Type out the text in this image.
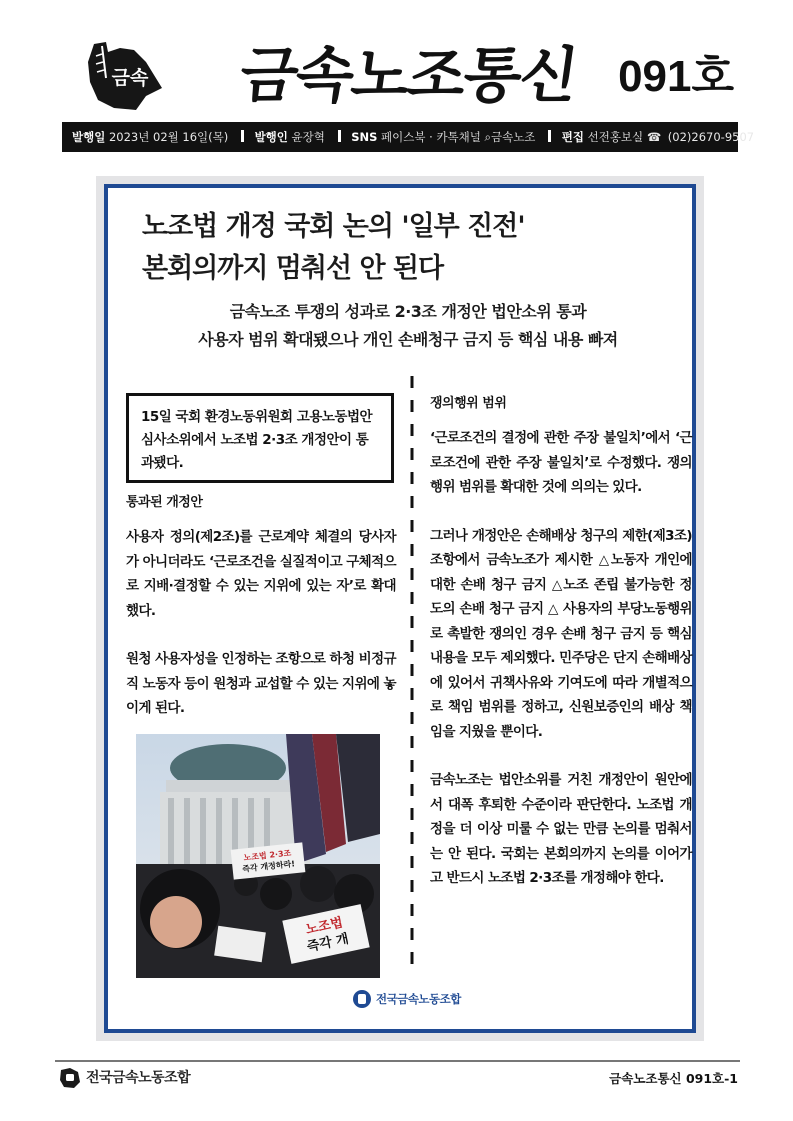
금속 금속노조통신 091호
발행일 2023년 02월 16일(목) 발행인 윤장혁 SNS 페이스북 · 카톡채널 ⌕금속노조 편집 선전홍보실 ☎ (02)2670-9507
노조법 개정 국회 논의 '일부 진전'
본회의까지 멈춰선 안 된다
금속노조 투쟁의 성과로 2·3조 개정안 법안소위 통과
사용자 범위 확대됐으나 개인 손배청구 금지 등 핵심 내용 빠져
15일 국회 환경노동위원회 고용노동법안심사소위에서 노조법 2·3조 개정안이 통과됐다.
통과된 개정안

사용자 정의(제2조)를 근로계약 체결의 당사자가 아니더라도 ‘근로조건을 실질적이고 구체적으로 지배·결정할 수 있는 지위에 있는 자’로 확대했다.

원청 사용자성을 인정하는 조항으로 하청 비정규직 노동자 등이 원청과 교섭할 수 있는 지위에 놓이게 된다.

노조법 2·3조
즉각 개정하라!
노조법
즉각 개
쟁의행위 범위

‘근로조건의 결정에 관한 주장 불일치’에서 ‘근로조건에 관한 주장 불일치’로 수정했다. 쟁의행위 범위를 확대한 것에 의의는 있다.

그러나 개정안은 손해배상 청구의 제한(제3조) 조항에서 금속노조가 제시한 △노동자 개인에 대한 손배 청구 금지 △노조 존립 불가능한 정도의 손배 청구 금지 △ 사용자의 부당노동행위로 촉발한 쟁의인 경우 손배 청구 금지 등 핵심 내용을 모두 제외했다. 민주당은 단지 손해배상에 있어서 귀책사유와 기여도에 따라 개별적으로 책임 범위를 정하고, 신원보증인의 배상 책임을 지웠을 뿐이다.

금속노조는 법안소위를 거친 개정안이 원안에서 대폭 후퇴한 수준이라 판단한다. 노조법 개정을 더 이상 미룰 수 없는 만큼 논의를 멈춰서는 안 된다. 국회는 본회의까지 논의를 이어가고 반드시 노조법 2·3조를 개정해야 한다.

전국금속노동조합
전국금속노동조합	금속노조통신 091호-1
